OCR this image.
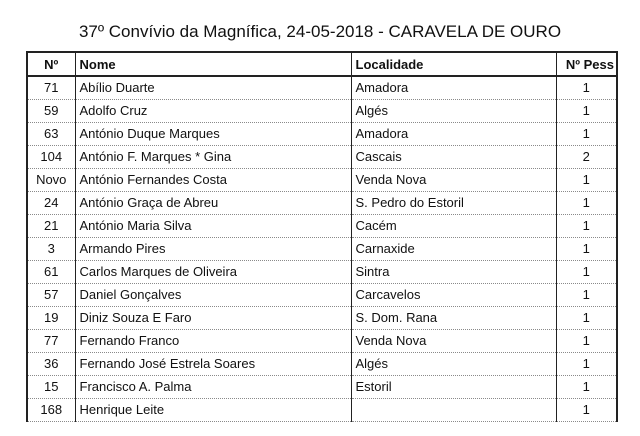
37º Convívio da Magnífica, 24-05-2018 - CARAVELA DE OURO
Nº	Nome	Localidade	Nº Pess
71	Abílio Duarte	Amadora	1
59	Adolfo Cruz	Algés	1
63	António Duque Marques	Amadora	1
104	António F. Marques * Gina	Cascais	2
Novo	António Fernandes Costa	Venda Nova	1
24	António Graça de Abreu	S. Pedro do Estoril	1
21	António Maria Silva	Cacém	1
3	Armando Pires	Carnaxide	1
61	Carlos Marques de Oliveira	Sintra	1
57	Daniel Gonçalves	Carcavelos	1
19	Diniz Souza E Faro	S. Dom. Rana	1
77	Fernando Franco	Venda Nova	1
36	Fernando José Estrela Soares	Algés	1
15	Francisco A. Palma	Estoril	1
168	Henrique Leite		1
